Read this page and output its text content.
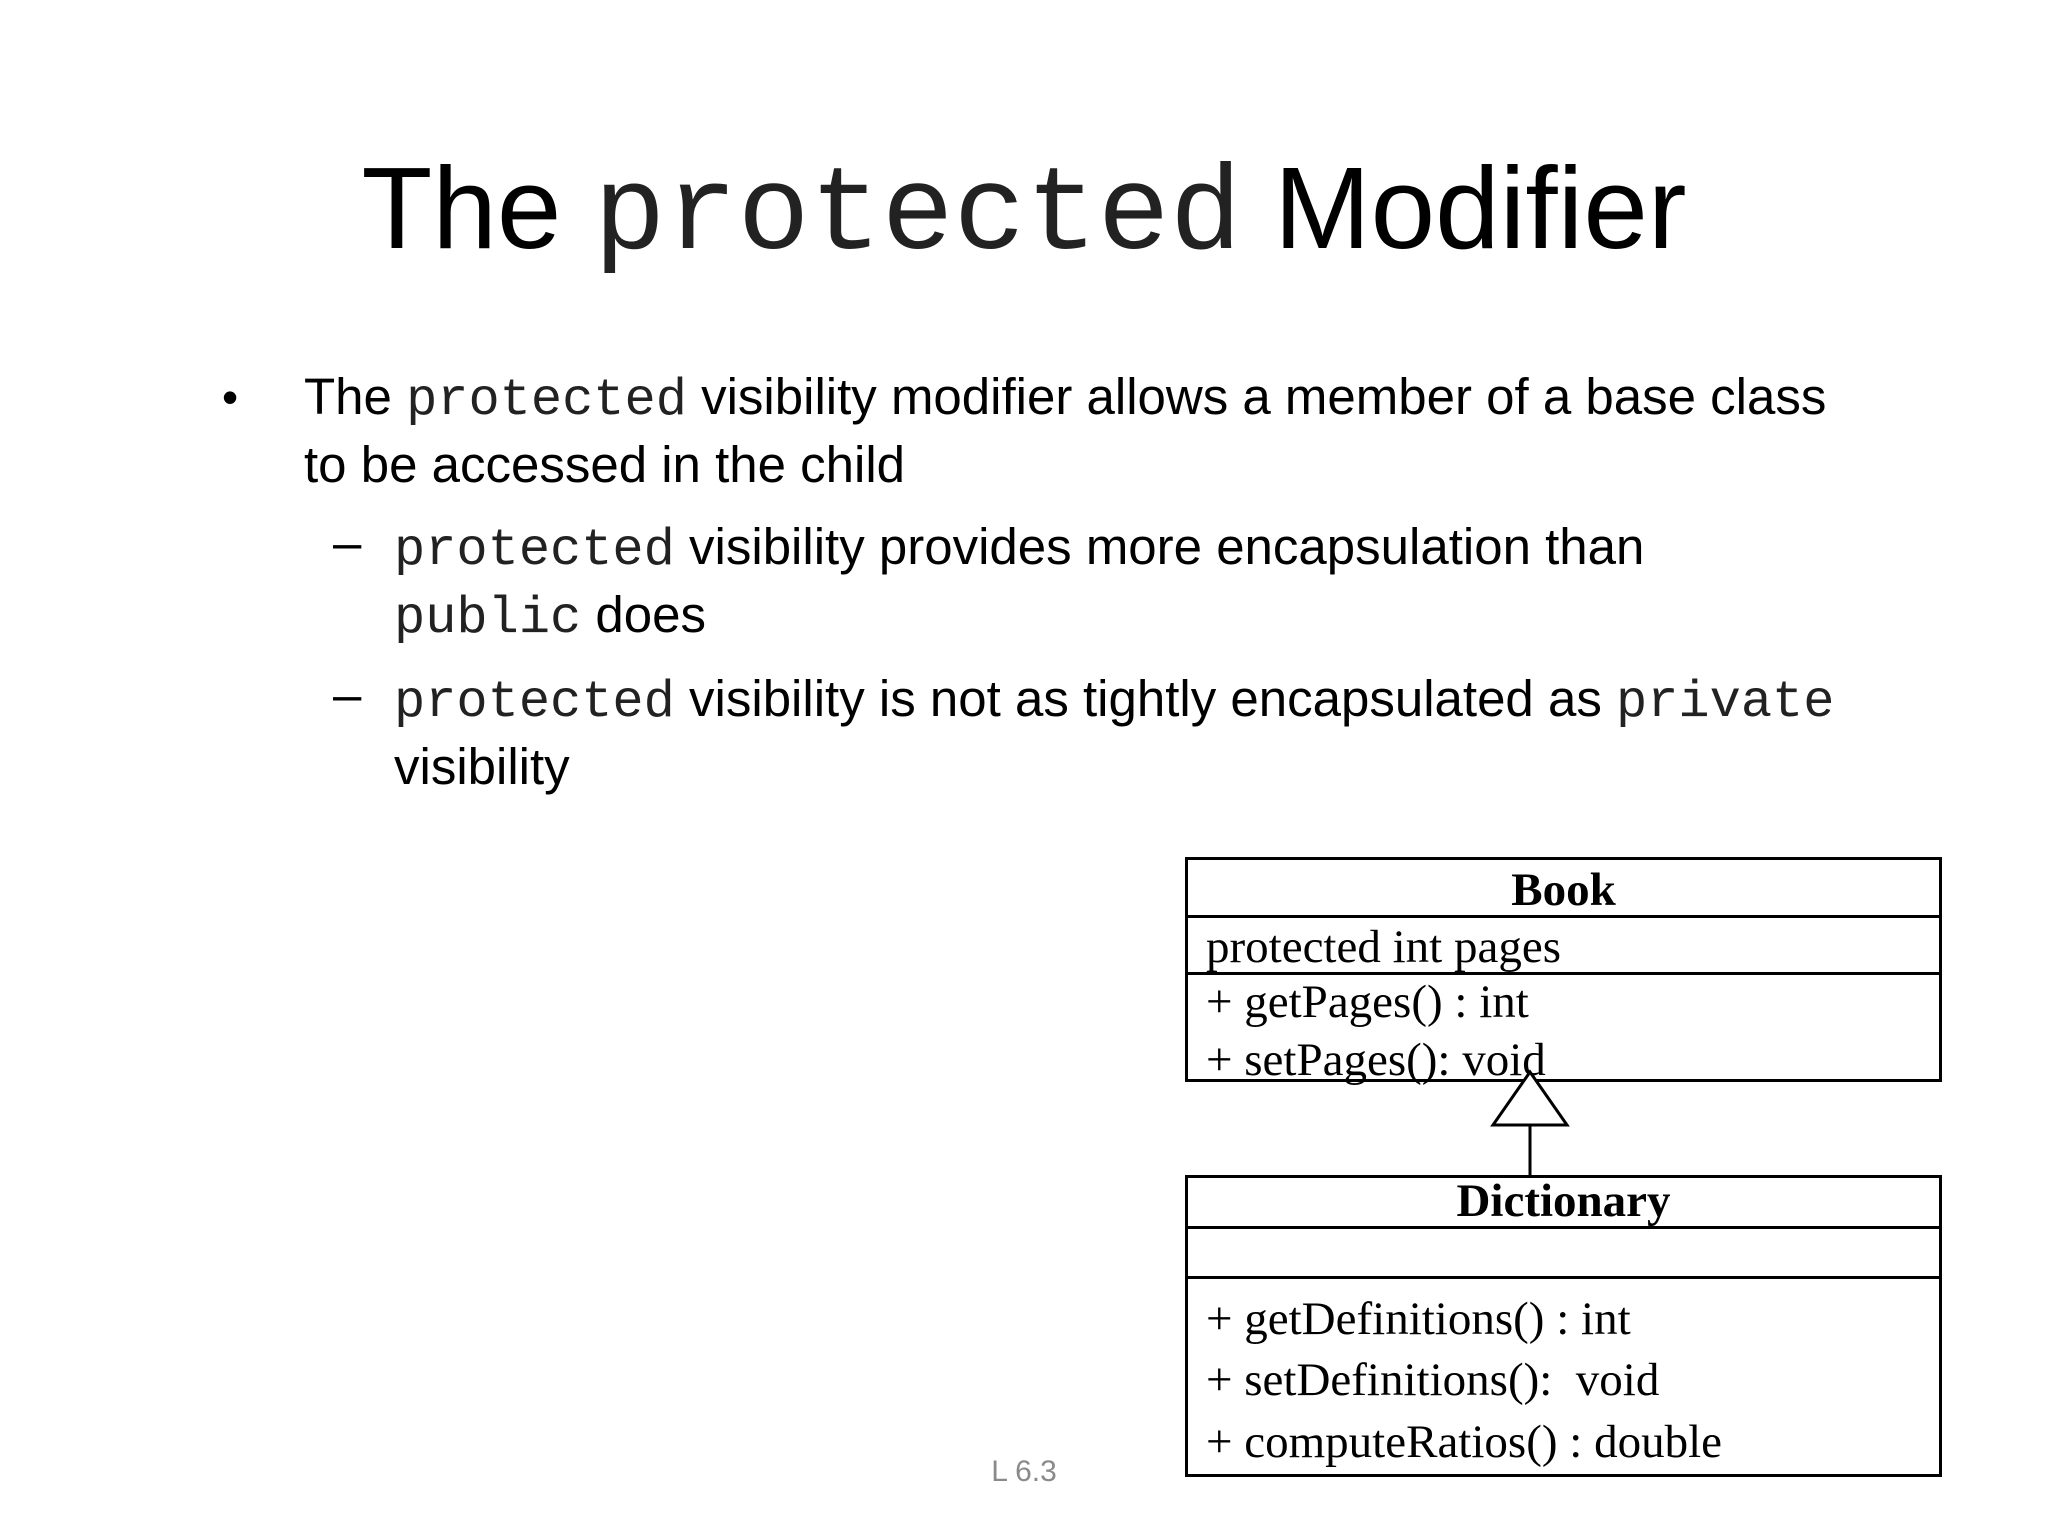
The protected Modifier
• The protected visibility modifier allows a member of a base class
to be accessed in the child
– protected visibility provides more encapsulation than
public does
– protected visibility is not as tightly encapsulated as private
visibility
Book
protected int pages
+ getPages() : int
+ setPages(): void
Dictionary
+ getDefinitions() : int
+ setDefinitions():  void
+ computeRatios() : double
L 6.3
